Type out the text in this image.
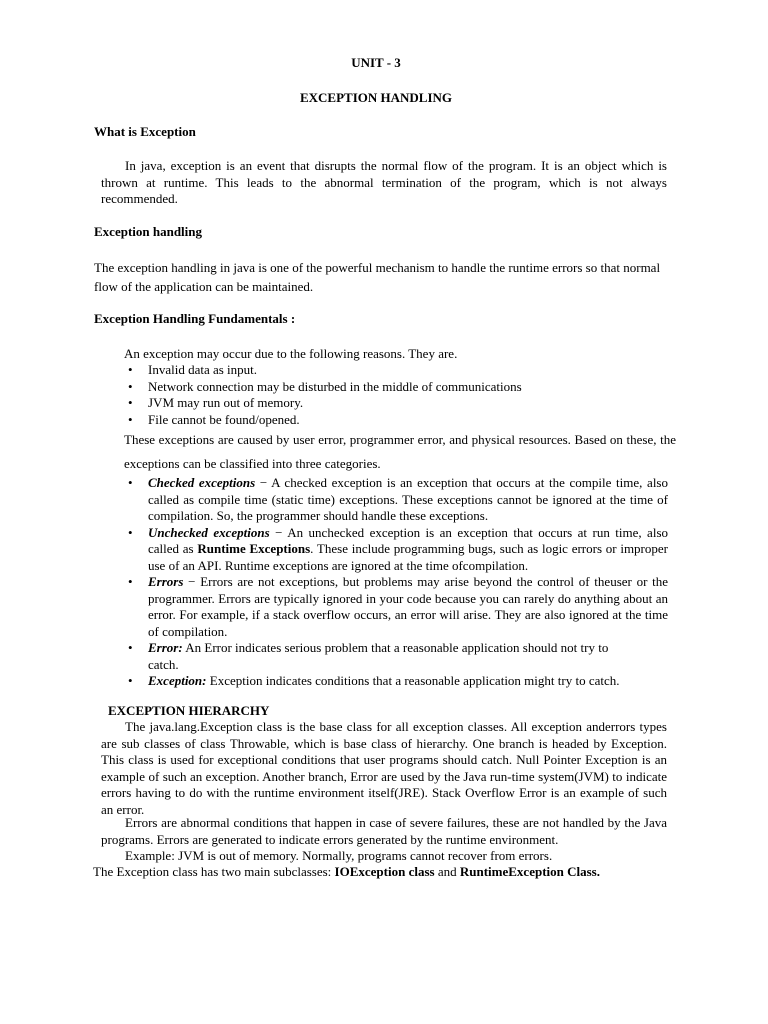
UNIT - 3
EXCEPTION HANDLING
What is Exception

In java, exception is an event that disrupts the normal flow of the program. It is an object which is thrown at runtime. This leads to the abnormal termination of the program, which is not always recommended.

Exception handling

The exception handling in java is one of the powerful mechanism to handle the runtime errors so that normal flow of the application can be maintained.

Exception Handling Fundamentals :
An exception may occur due to the following reasons. They are.
• Invalid data as input.
• Network connection may be disturbed in the middle of communications
• JVM may run out of memory.
• File cannot be found/opened.

These exceptions are caused by user error, programmer error, and physical resources. Based on these, the exceptions can be classified into three categories.

• Checked exceptions − A checked exception is an exception that occurs at the compile time, also called as compile time (static time) exceptions. These exceptions cannot be ignored at the time of compilation. So, the programmer should handle these exceptions.
• Unchecked exceptions − An unchecked exception is an exception that occurs at run time, also called as Runtime Exceptions. These include programming bugs, such as logic errors or improper use of an API. Runtime exceptions are ignored at the time ofcompilation.
• Errors − Errors are not exceptions, but problems may arise beyond the control of theuser or the programmer. Errors are typically ignored in your code because you can rarely do anything about an error. For example, if a stack overflow occurs, an error will arise. They are also ignored at the time of compilation.
• Error: An Error indicates serious problem that a reasonable application should not try to catch.
• Exception: Exception indicates conditions that a reasonable application might try to catch.
EXCEPTION HIERARCHY

The java.lang.Exception class is the base class for all exception classes. All exception anderrors types are sub classes of class Throwable, which is base class of hierarchy. One branch is headed by Exception. This class is used for exceptional conditions that user programs should catch. Null Pointer Exception is an example of such an exception. Another branch, Error are used by the Java run-time system(JVM) to indicate errors having to do with the runtime environment itself(JRE). Stack Overflow Error is an example of such an error.

Errors are abnormal conditions that happen in case of severe failures, these are not handled by the Java programs. Errors are generated to indicate errors generated by the runtime environment.

Example: JVM is out of memory. Normally, programs cannot recover from errors.

The Exception class has two main subclasses: IOException class and RuntimeException Class.
